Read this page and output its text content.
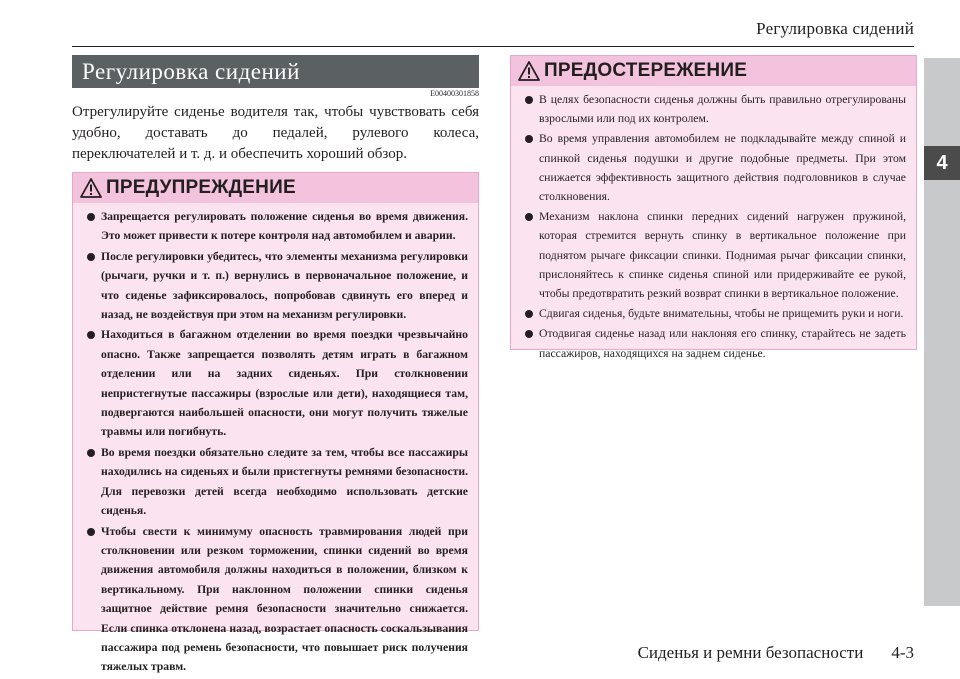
Регулировка сидений
4
Регулировка сидений
E00400301858
Отрегулируйте сиденье водителя так, чтобы чувствовать себя удобно, доставать до педалей, рулевого колеса, переключателей и т. д. и обеспечить хороший обзор.
ПРЕДУПРЕЖДЕНИЕ
Запрещается регулировать положение сиденья во время движения. Это может привести к потере контроля над автомобилем и аварии.
После регулировки убедитесь, что элементы механизма регулировки (рычаги, ручки и т. п.) вернулись в первоначальное положение, и что сиденье зафиксировалось, попробовав сдвинуть его вперед и назад, не воздействуя при этом на механизм регулировки.
Находиться в багажном отделении во время поездки чрезвычайно опасно. Также запрещается позволять детям играть в багажном отделении или на задних сиденьях. При столкновении непристегнутые пассажиры (взрослые или дети), находящиеся там, подвергаются наибольшей опасности, они могут получить тяжелые травмы или погибнуть.
Во время поездки обязательно следите за тем, чтобы все пассажиры находились на сиденьях и были пристегнуты ремнями безопасности. Для перевозки детей всегда необходимо использовать детские сиденья.
Чтобы свести к минимуму опасность травмирования людей при столкновении или резком торможении, спинки сидений во время движения автомобиля должны находиться в положении, близком к вертикальному. При наклонном положении спинки сиденья защитное действие ремня безопасности значительно снижается. Если спинка отклонена назад, возрастает опасность соскальзывания пассажира под ремень безопасности, что повышает риск получения тяжелых травм.
ПРЕДОСТЕРЕЖЕНИЕ
В целях безопасности сиденья должны быть правильно отрегулированы взрослыми или под их контролем.
Во время управления автомобилем не подкладывайте между спиной и спинкой сиденья подушки и другие подобные предметы. При этом снижается эффективность защитного действия подголовников в случае столкновения.
Механизм наклона спинки передних сидений нагружен пружиной, которая стремится вернуть спинку в вертикальное положение при поднятом рычаге фиксации спинки. Поднимая рычаг фиксации спинки, прислоняйтесь к спинке сиденья спиной или придерживайте ее рукой, чтобы предотвратить резкий возврат спинки в вертикальное положение.
Сдвигая сиденья, будьте внимательны, чтобы не прищемить руки и ноги.
Отодвигая сиденье назад или наклоняя его спинку, старайтесь не задеть пассажиров, находящихся на заднем сиденье.
Сиденья и ремни безопасности 4-3
